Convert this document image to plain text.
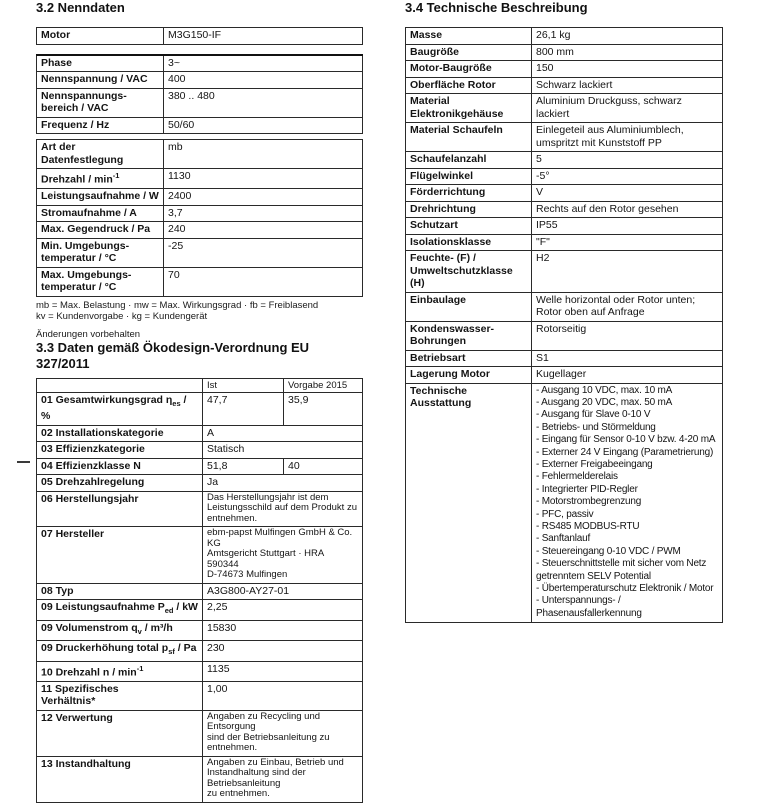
3.2 Nenndaten
Motor	M3G150-IF
Phase	3~
Nennspannung / VAC	400
Nennspannungs-
bereich / VAC	380 .. 480
Frequenz / Hz	50/60
Art der Datenfestlegung	mb
Drehzahl / $\min^{-1}$	1130
Leistungsaufnahme / W	2400
Stromaufnahme / A	3,7
Max. Gegendruck / Pa	240
Min. Umgebungs-
temperatur / °C	-25
Max. Umgebungs-
temperatur / °C	70
mb = Max. Belastung · mw = Max. Wirkungsgrad · fb = Freiblasend
kv = Kundenvorgabe · kg = Kundengerät
Änderungen vorbehalten
3.3 Daten gemäß Ökodesign-Verordnung EU 327/2011
	Ist	Vorgabe 2015
01 Gesamtwirkungsgrad $\eta_{es}$ / %	47,7	35,9
02 Installationskategorie	A	
03 Effizienzkategorie	Statisch	
04 Effizienzklasse N	51,8	40
05 Drehzahlregelung	Ja	
06 Herstellungsjahr	Das Herstellungsjahr ist dem
Leistungsschild auf dem Produkt zu
entnehmen.	
07 Hersteller	ebm-papst Mulfingen GmbH & Co. KG
Amtsgericht Stuttgart · HRA 590344
D-74673 Mulfingen	
08 Typ	A3G800-AY27-01	
09 Leistungsaufnahme $P_{ed}$ / kW	2,25	
09 Volumenstrom $q_v / m^3/h$	15830	
09 Druckerhöhung total $p_{sf}$ / Pa	230	
10 Drehzahl n / $\min^{-1}$	1135	
11 Spezifisches
Verhältnis*	1,00	
12 Verwertung	Angaben zu Recycling und Entsorgung
sind der Betriebsanleitung zu entnehmen.	
13 Instandhaltung	Angaben zu Einbau, Betrieb und
Instandhaltung sind der Betriebsanleitung
zu entnehmen.	
3.4 Technische Beschreibung
Masse	26,1 kg
Baugröße	800 mm
Motor-Baugröße	150
Oberfläche Rotor	Schwarz lackiert
Material Elektronikgehäuse	Aluminium Druckguss, schwarz lackiert
Material Schaufeln	Einlegeteil aus Aluminiumblech,
umspritzt mit Kunststoff PP
Schaufelanzahl	5
Flügelwinkel	-5°
Förderrichtung	V
Drehrichtung	Rechts auf den Rotor gesehen
Schutzart	IP55
Isolationsklasse	"F"
Feuchte- (F) / Umweltschutzklasse (H)	H2
Einbaulage	Welle horizontal oder Rotor unten; Rotor oben auf Anfrage
Kondenswasser-Bohrungen	Rotorseitig
Betriebsart	S1
Lagerung Motor	Kugellager
Technische Ausstattung	- Ausgang 10 VDC, max. 10 mA
- Ausgang 20 VDC, max. 50 mA
- Ausgang für Slave 0-10 V
- Betriebs- und Störmeldung
- Eingang für Sensor 0-10 V bzw. 4-20 mA
- Externer 24 V Eingang (Parametrierung)
- Externer Freigabeeingang
- Fehlermelderelais
- Integrierter PID-Regler
- Motorstrombegrenzung
- PFC, passiv
- RS485 MODBUS-RTU
- Sanftanlauf
- Steuereingang 0-10 VDC / PWM
- Steuerschnittstelle mit sicher vom Netz getrenntem SELV Potential
- Übertemperaturschutz Elektronik / Motor
- Unterspannungs- / Phasenausfallerkennung
